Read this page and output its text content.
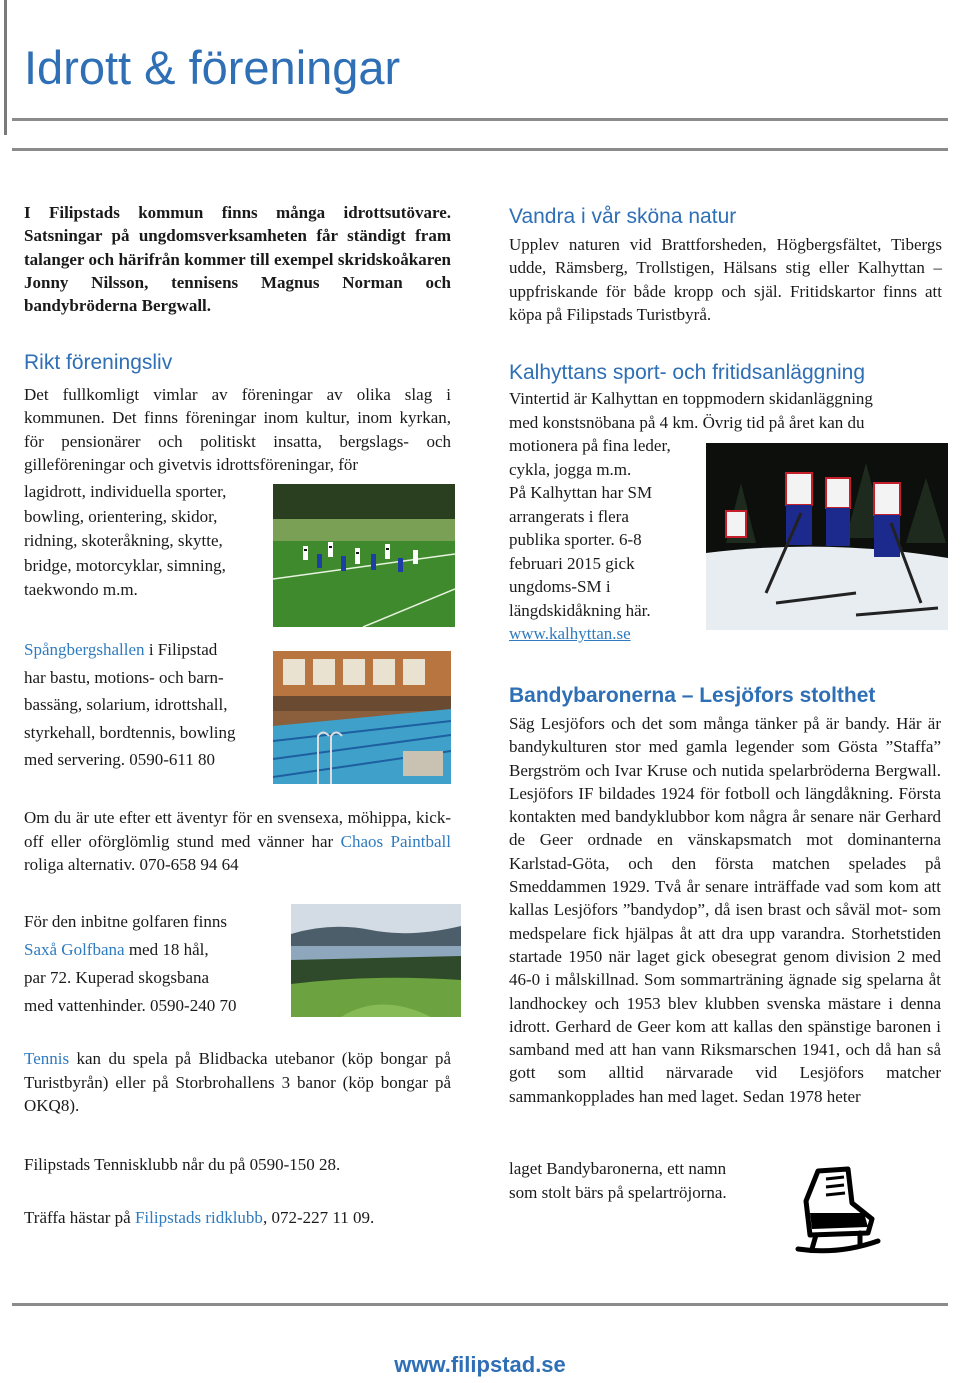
Idrott & föreningar

I Filipstads kommun finns många idrottsutövare. Satsningar på ungdomsverksamheten får ständigt fram talanger och härifrån kommer till exempel skridskoåkaren Jonny Nilsson, tennisens Magnus Norman och bandybröderna Bergwall.

Rikt föreningsliv

Det fullkomligt vimlar av föreningar av olika slag i kommunen. Det finns föreningar inom kultur, inom kyrkan, för pensionärer och politiskt insatta, bergslags- och gilleföreningar och givetvis idrottsföreningar, för

lagidrott, individuella sporter,
bowling, orientering, skidor,
ridning, skoteråkning, skytte,
bridge, motorcyklar, simning,
taekwondo m.m.
Spångbergshallen i Filipstad
har bastu, motions- och barn-
bassäng, solarium, idrottshall,
styrkehall, bordtennis, bowling
med servering. 0590-611 80

Om du är ute efter ett äventyr för en svensexa, möhippa, kick-off eller oförglömlig stund med vänner har Chaos Paintball roliga alternativ. 070-658 94 64

För den inbitne golfaren finns
Saxå Golfbana med 18 hål,
par 72. Kuperad skogsbana
med vattenhinder. 0590-240 70

Tennis kan du spela på Blidbacka utebanor (köp bongar på Turistbyrån) eller på Storbrohallens 3 banor (köp bongar på OKQ8).

Filipstads Tennisklubb når du på 0590-150 28.

Träffa hästar på Filipstads ridklubb, 072-227 11 09.

Vandra i vår sköna natur

Upplev naturen vid Brattforsheden, Högbergsfältet, Tibergs udde, Rämsberg, Trollstigen, Hälsans stig eller Kalhyttan – uppfriskande för både kropp och själ. Fritidskartor finns att köpa på Filipstads Turistbyrå.

Kalhyttans sport- och fritidsanläggning
Vintertid är Kalhyttan en toppmodern skidanläggning
med konstsnöbana på 4 km. Övrig tid på året kan du
motionera på fina leder,
cykla, jogga m.m.
På Kalhyttan har SM
arrangerats i flera
publika sporter. 6-8
februari 2015 gick
ungdoms-SM i
längdskidåkning här.
www.kalhyttan.se
Bandybaronerna – Lesjöfors stolthet

Säg Lesjöfors och det som många tänker på är bandy. Här är bandykulturen stor med gamla legender som Gösta ”Staffa” Bergström och Ivar Kruse och nutida spelarbröderna Bergwall. Lesjöfors IF bildades 1924 för fotboll och längdåkning. Första kontakten med bandyklubbor kom några år senare när Gerhard de Geer ordnade en vänskapsmatch mot dominanterna Karlstad-Göta, och den första matchen spelades på Smeddammen 1929. Två år senare inträffade vad som kom att kallas Lesjöfors ”bandydop”, då isen brast och såväl mot- som medspelare fick hjälpas åt att dra upp varandra. Storhetstiden startade 1950 när laget gick obesegrat genom division 2 med 46-0 i målskillnad. Som sommarträning ägnade sig spelarna åt landhockey och 1953 blev klubben svenska mästare i denna idrott. Gerhard de Geer kom att kallas den spänstige baronen i samband med att han vann Riksmarschen 1941, och då han så gott som alltid närvarade vid Lesjöfors matcher sammankopplades han med laget. Sedan 1978 heter

laget Bandybaronerna, ett namn
som stolt bärs på spelartröjorna.
www.filipstad.se
